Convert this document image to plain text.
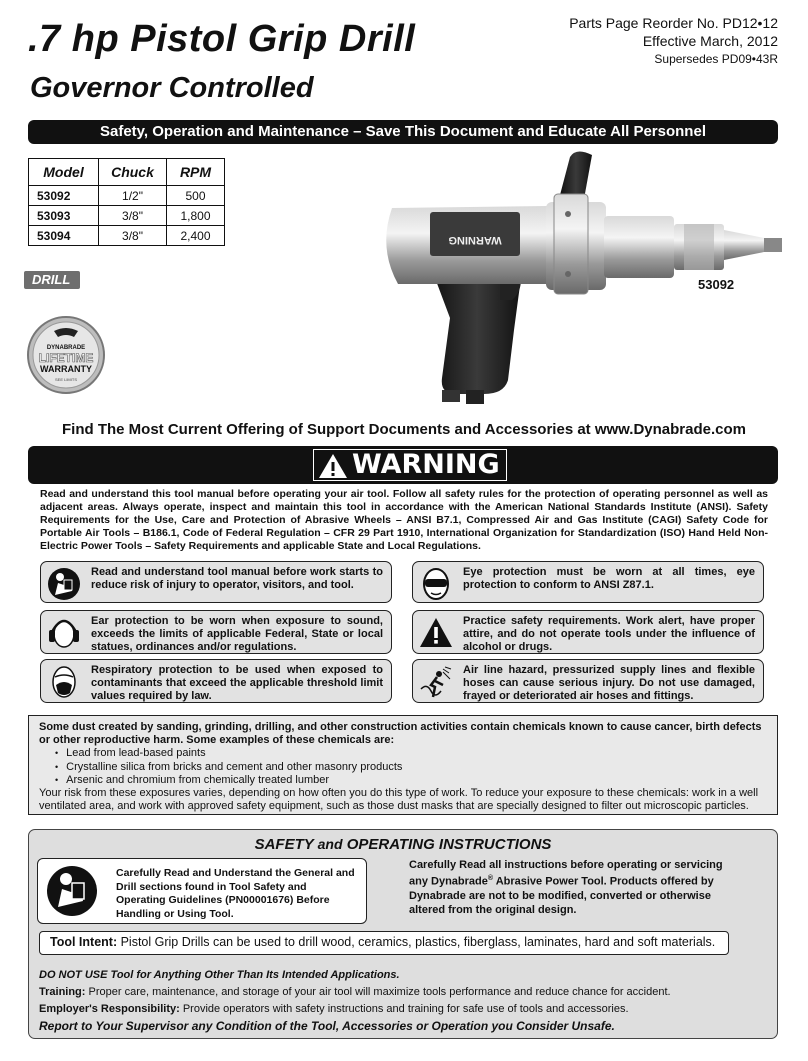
.7 hp Pistol Grip Drill
Governor Controlled
Parts Page Reorder No. PD12•12
Effective March, 2012
Supersedes PD09•43R
Safety, Operation and Maintenance – Save This Document and Educate All Personnel
Model	Chuck	RPM
53092	1/2"	500
53093	3/8"	1,800
53094	3/8"	2,400
DRILL
DYNABRADE
LIFETIME
WARRANTY
SEE LIMITS
WARNING
53092
Find The Most Current Offering of Support Documents and Accessories at www.Dynabrade.com
WARNING
Read and understand this tool manual before operating your air tool. Follow all safety rules for the protection of operating personnel as well as adjacent areas. Always operate, inspect and maintain this tool in accordance with the American National Standards Institute (ANSI). Safety Requirements for the Use, Care and Protection of Abrasive Wheels – ANSI B7.1, Compressed Air and Gas Institute (CAGI) Safety Code for Portable Air Tools – B186.1, Code of Federal Regulation – CFR 29 Part 1910, International Organization for Standardization (ISO) Hand Held Non-Electric Power Tools – Safety Requirements and applicable State and Local Regulations.
Read and understand tool manual before work starts to reduce risk of injury to operator, visitors, and tool.
Eye protection must be worn at all times, eye protection to conform to ANSI Z87.1.
Ear protection to be worn when exposure to sound, exceeds the limits of applicable Federal, State or local statues, ordinances and/or regulations.
Practice safety requirements. Work alert, have proper attire, and do not operate tools under the influence of alcohol or drugs.
Respiratory protection to be used when exposed to contaminants that exceed the applicable threshold limit values required by law.
Air line hazard, pressurized supply lines and flexible hoses can cause serious injury. Do not use damaged, frayed or deteriorated air hoses and fittings.
Some dust created by sanding, grinding, drilling, and other construction activities contain chemicals known to cause cancer, birth defects or other reproductive harm. Some examples of these chemicals are:
• Lead from lead-based paints
• Crystalline silica from bricks and cement and other masonry products
• Arsenic and chromium from chemically treated lumber
Your risk from these exposures varies, depending on how often you do this type of work. To reduce your exposure to these chemicals: work in a well ventilated area, and work with approved safety equipment, such as those dust masks that are specially designed to filter out microscopic particles.
SAFETY and OPERATING INSTRUCTIONS
Carefully Read and Understand the General and Drill sections found in Tool Safety and Operating Guidelines (PN00001676) Before Handling or Using Tool.
Carefully Read all instructions before operating or servicing any Dynabrade® Abrasive Power Tool. Products offered by Dynabrade are not to be modified, converted or otherwise altered from the original design.
Tool Intent: Pistol Grip Drills can be used to drill wood, ceramics, plastics, fiberglass, laminates, hard and soft materials.
DO NOT USE Tool for Anything Other Than Its Intended Applications.
Training: Proper care, maintenance, and storage of your air tool will maximize tools performance and reduce chance for accident.
Employer's Responsibility: Provide operators with safety instructions and training for safe use of tools and accessories.
Report to Your Supervisor any Condition of the Tool, Accessories or Operation you Consider Unsafe.
